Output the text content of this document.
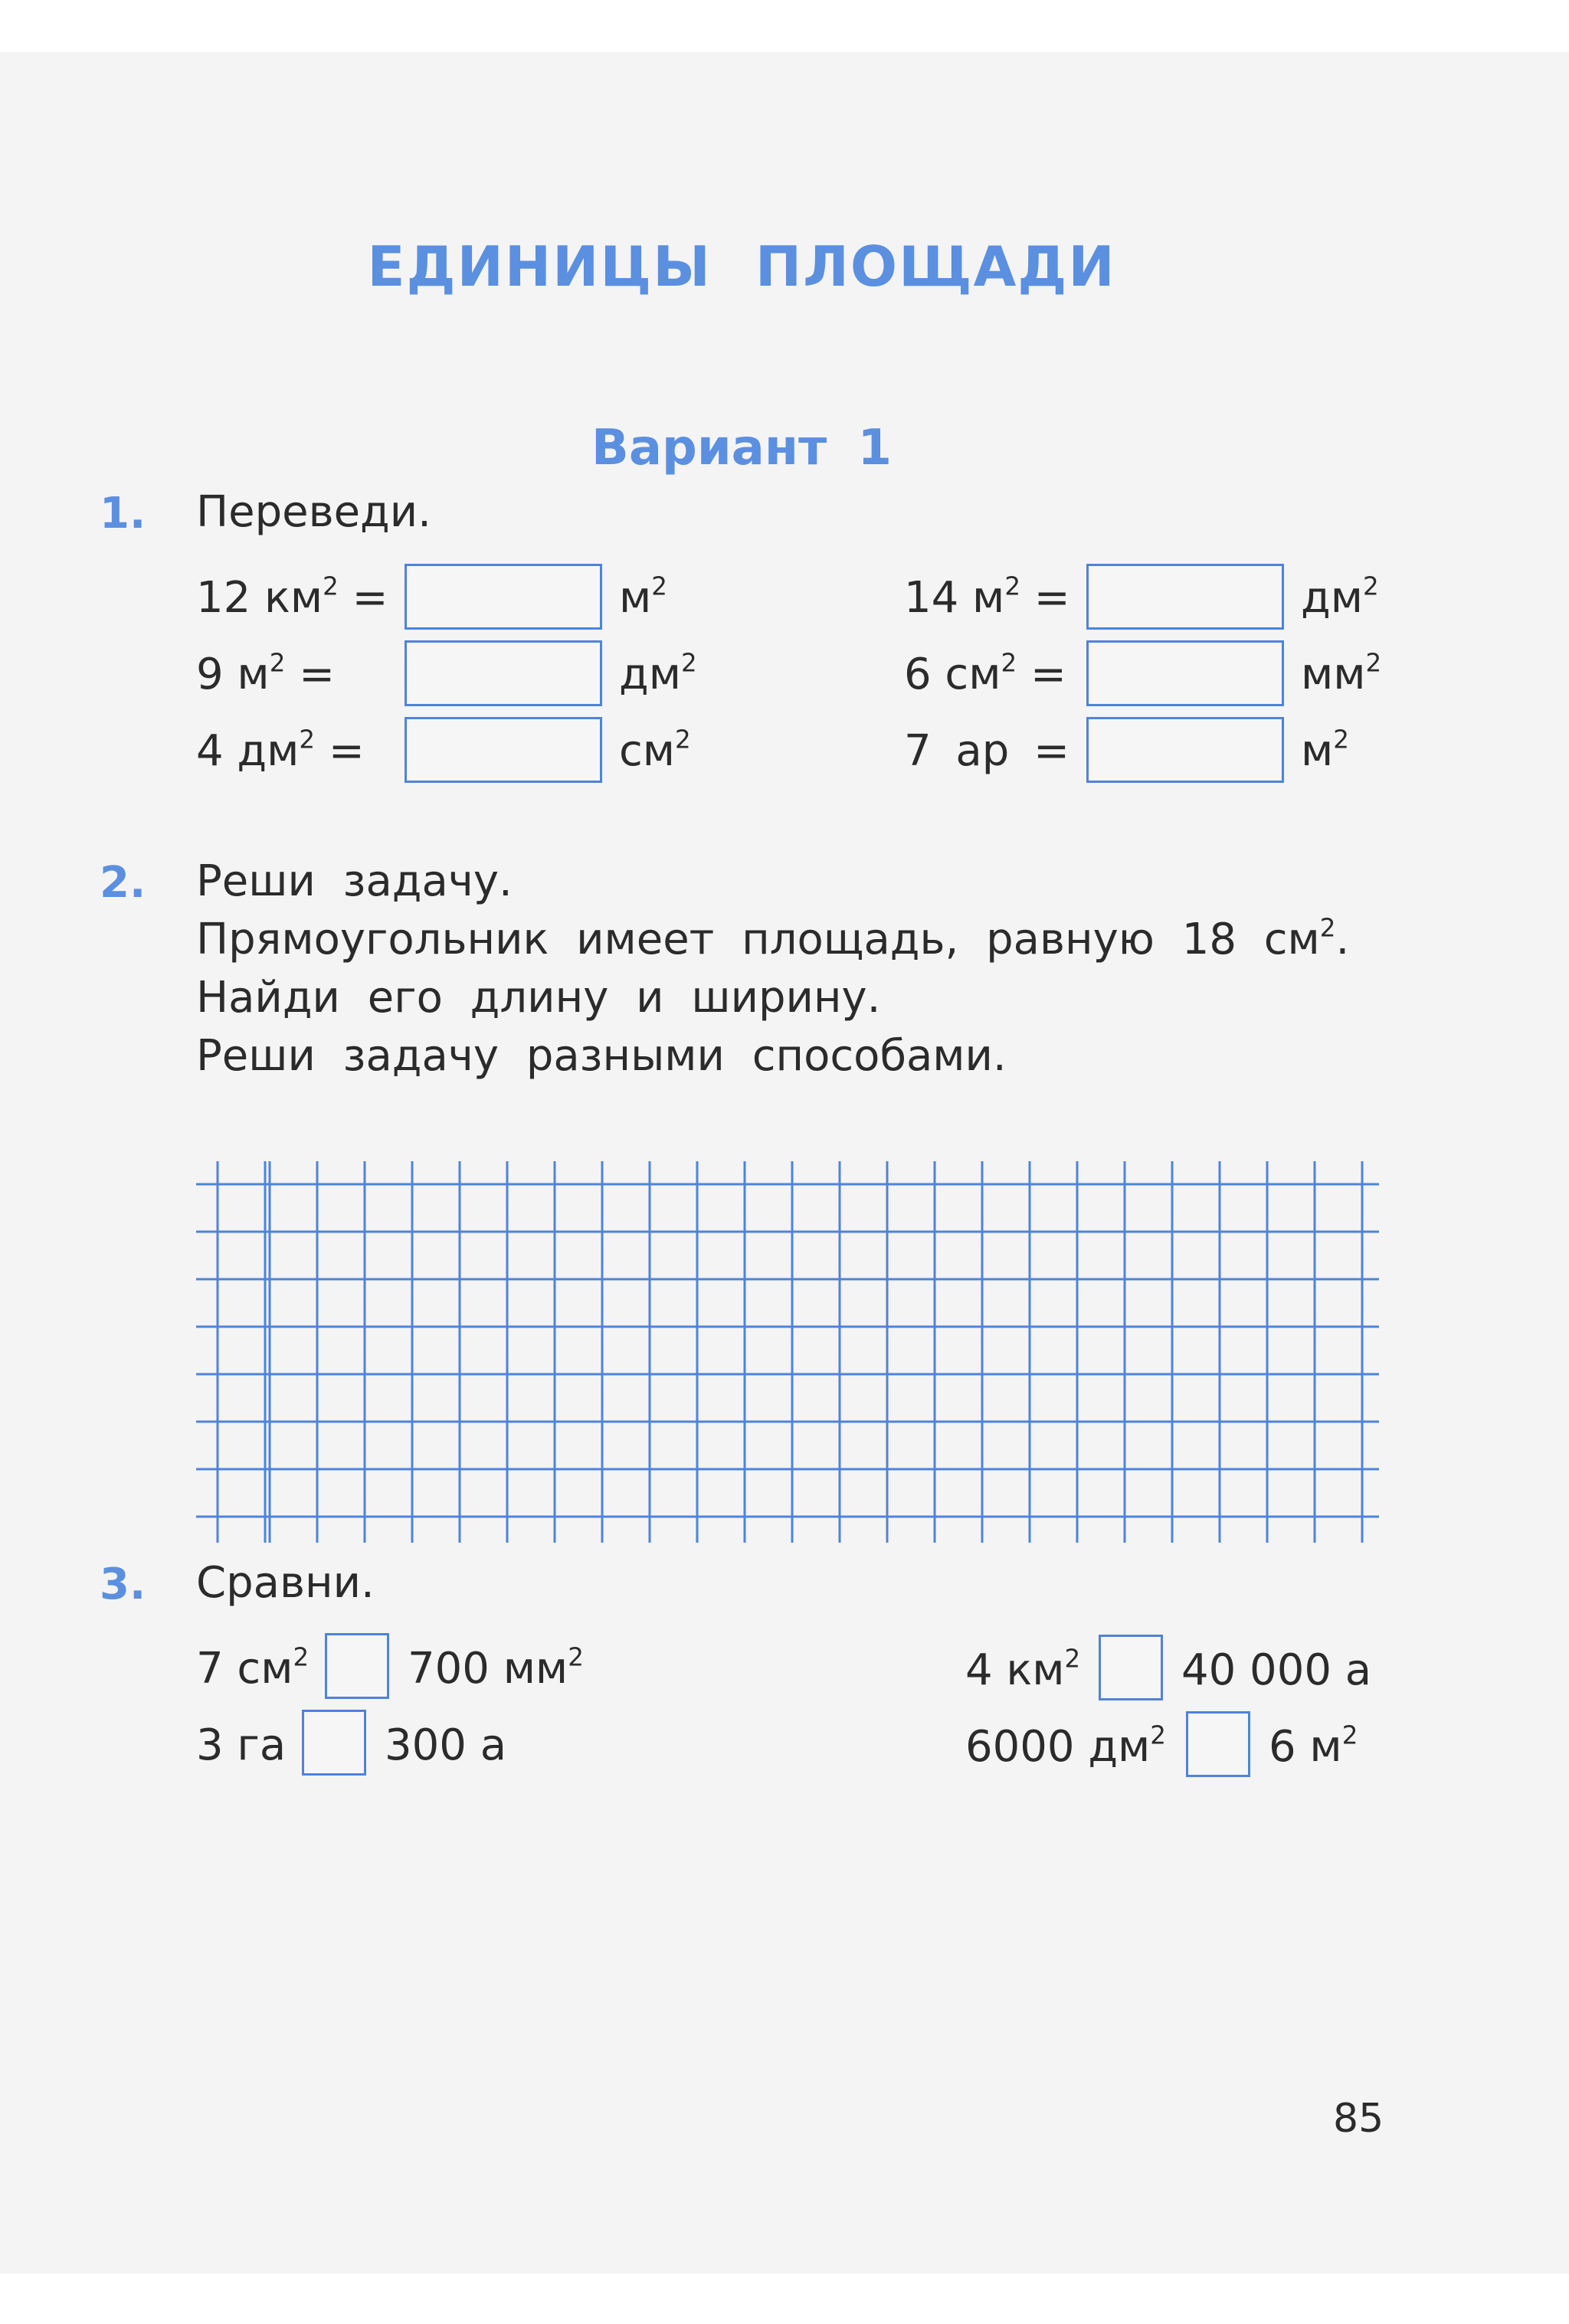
ЕДИНИЦЫ ПЛОЩАДИ
Вариант 1
1. Переведи.
12 $км^2$ =	$м^2$
9 $м^2$ =	$дм^2$
4 $дм^2$ =	$см^2$
14 $м^2$ =	$дм^2$
6 $см^2$ =	$мм^2$
7 ар =	$м^2$
2. Реши задачу.
Прямоугольник имеет площадь, равную 18 $см^2$.
Найди его длину и ширину.
Реши задачу разными способами.
3. Сравни.
7 $см^2$ 700 $мм^2$
3 га 300 а
4 $км^2$ 40 000 а
6000 $дм^2$ 6 $м^2$
85
